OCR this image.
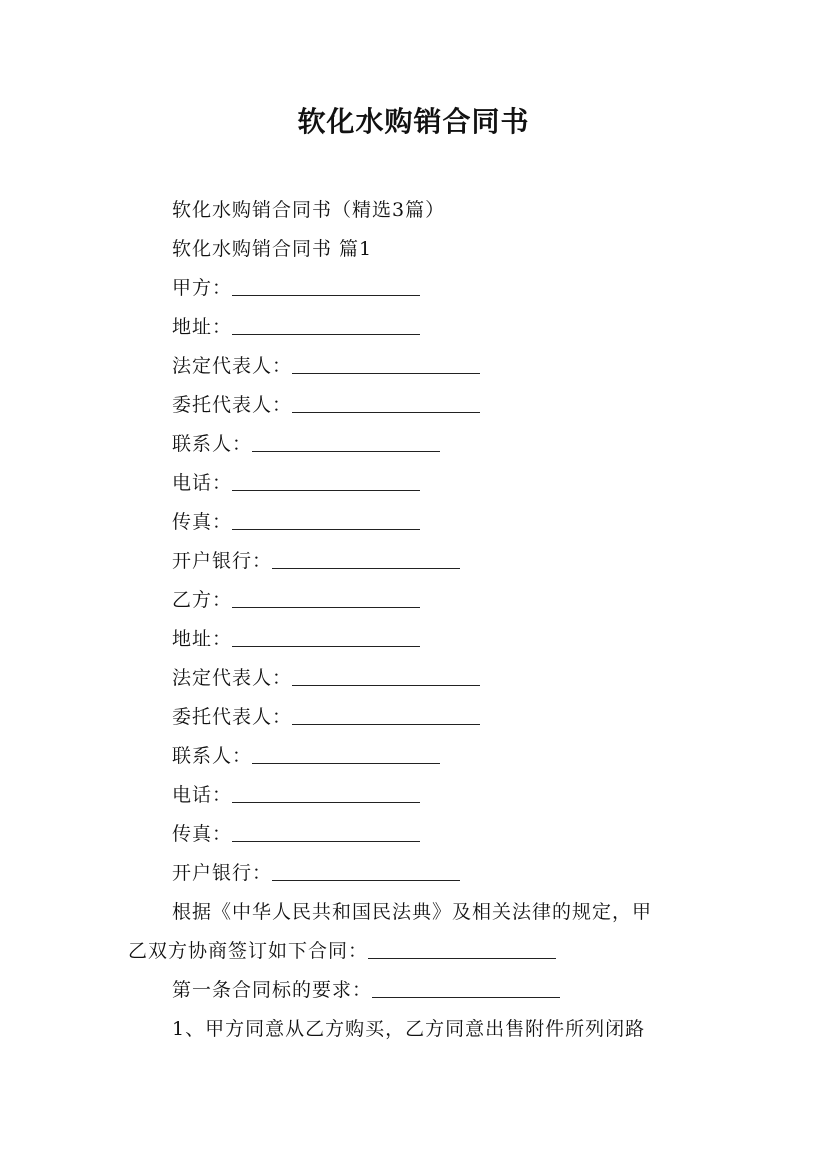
软化水购销合同书
软化水购销合同书（精选3篇）
软化水购销合同书 篇1
甲方：
地址：
法定代表人：
委托代表人：
联系人：
电话：
传真：
开户银行：
乙方：
地址：
法定代表人：
委托代表人：
联系人：
电话：
传真：
开户银行：
根据《中华人民共和国民法典》及相关法律的规定，甲
乙双方协商签订如下合同：
第一条合同标的要求：
1、甲方同意从乙方购买，乙方同意出售附件所列闭路
